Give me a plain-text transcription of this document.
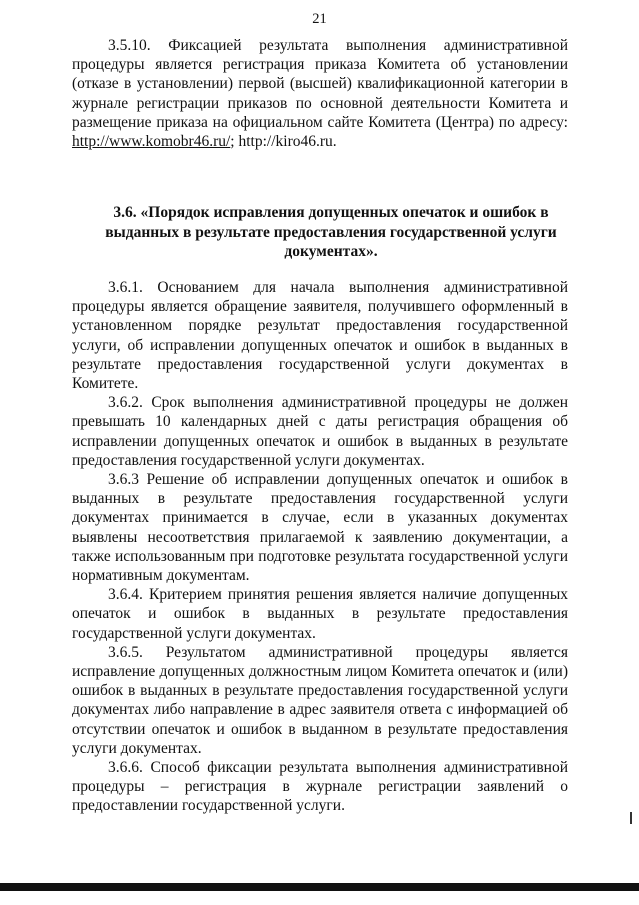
21

3.5.10. Фиксацией результата выполнения административной процедуры является регистрация приказа Комитета об установлении (отказе в установлении) первой (высшей) квалификационной категории в журнале регистрации приказов по основной деятельности Комитета и размещение приказа на официальном сайте Комитета (Центра) по адресу: http://www.komobr46.ru/; http://kiro46.ru.

3.6. «Порядок исправления допущенных опечаток и ошибок в выданных в результате предоставления государственной услуги документах».

3.6.1. Основанием для начала выполнения административной процедуры является обращение заявителя, получившего оформленный в установленном порядке результат предоставления государственной услуги, об исправлении допущенных опечаток и ошибок в выданных в результате предоставления государственной услуги документах в Комитете.

3.6.2. Срок выполнения административной процедуры не должен превышать 10 календарных дней с даты регистрация обращения об исправлении допущенных опечаток и ошибок в выданных в результате предоставления государственной услуги документах.

3.6.3 Решение об исправлении допущенных опечаток и ошибок в выданных в результате предоставления государственной услуги документах принимается в случае, если в указанных документах выявлены несоответствия прилагаемой к заявлению документации, а также использованным при подготовке результата государственной услуги нормативным документам.

3.6.4. Критерием принятия решения является наличие допущенных опечаток и ошибок в выданных в результате предоставления государственной услуги документах.

3.6.5. Результатом административной процедуры является исправление допущенных должностным лицом Комитета опечаток и (или) ошибок в выданных в результате предоставления государственной услуги документах либо направление в адрес заявителя ответа с информацией об отсутствии опечаток и ошибок в выданном в результате предоставления услуги документах.

3.6.6. Способ фиксации результата выполнения административной процедуры – регистрация в журнале регистрации заявлений о предоставлении государственной услуги.
